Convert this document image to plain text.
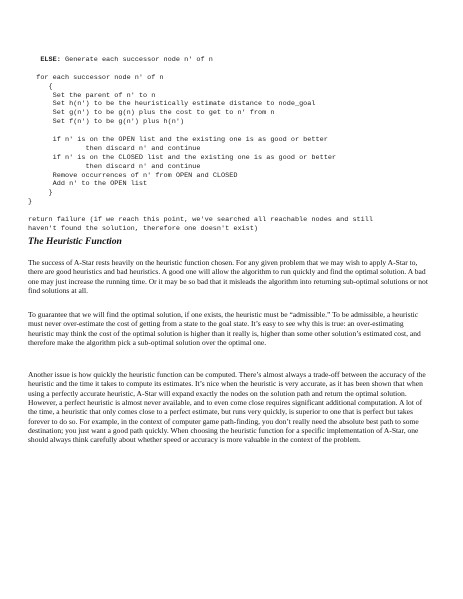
ELSE: Generate each successor node n' of n
for each successor node n' of n
{
Set the parent of n' to n
Set h(n') to be the heuristically estimate distance to node_goal
Set g(n') to be g(n) plus the cost to get to n' from n
Set f(n') to be g(n') plus h(n')
if n' is on the OPEN list and the existing one is as good or better
then discard n' and continue
if n' is on the CLOSED list and the existing one is as good or better
then discard n' and continue
Remove occurrences of n' from OPEN and CLOSED
Add n' to the OPEN list
}
}
return failure (if we reach this point, we've searched all reachable nodes and still
haven't found the solution, therefore one doesn't exist)
The Heuristic Function

The success of A-Star rests heavily on the heuristic function chosen. For any given problem that we may wish to apply A-Star to, there are good heuristics and bad heuristics. A good one will allow the algorithm to run quickly and find the optimal solution. A bad one may just increase the running time. Or it may be so bad that it misleads the algorithm into returning sub-optimal solutions or not find solutions at all.

To guarantee that we will find the optimal solution, if one exists, the heuristic must be “admissible.” To be admissible, a heuristic must never over-estimate the cost of getting from a state to the goal state. It’s easy to see why this is true: an over-estimating heuristic may think the cost of the optimal solution is higher than it really is, higher than some other solution’s estimated cost, and therefore make the algorithm pick a sub-optimal solution over the optimal one.

Another issue is how quickly the heuristic function can be computed. There’s almost always a trade-off between the accuracy of the heuristic and the time it takes to compute its estimates. It’s nice when the heuristic is very accurate, as it has been shown that when using a perfectly accurate heuristic, A-Star will expand exactly the nodes on the solution path and return the optimal solution. However, a perfect heuristic is almost never available, and to even come close requires significant additional computation. A lot of the time, a heuristic that only comes close to a perfect estimate, but runs very quickly, is superior to one that is perfect but takes forever to do so. For example, in the context of computer game path-finding, you don’t really need the absolute best path to some destination; you just want a good path quickly. When choosing the heuristic function for a specific implementation of A-Star, one should always think carefully about whether speed or accuracy is more valuable in the context of the problem.
